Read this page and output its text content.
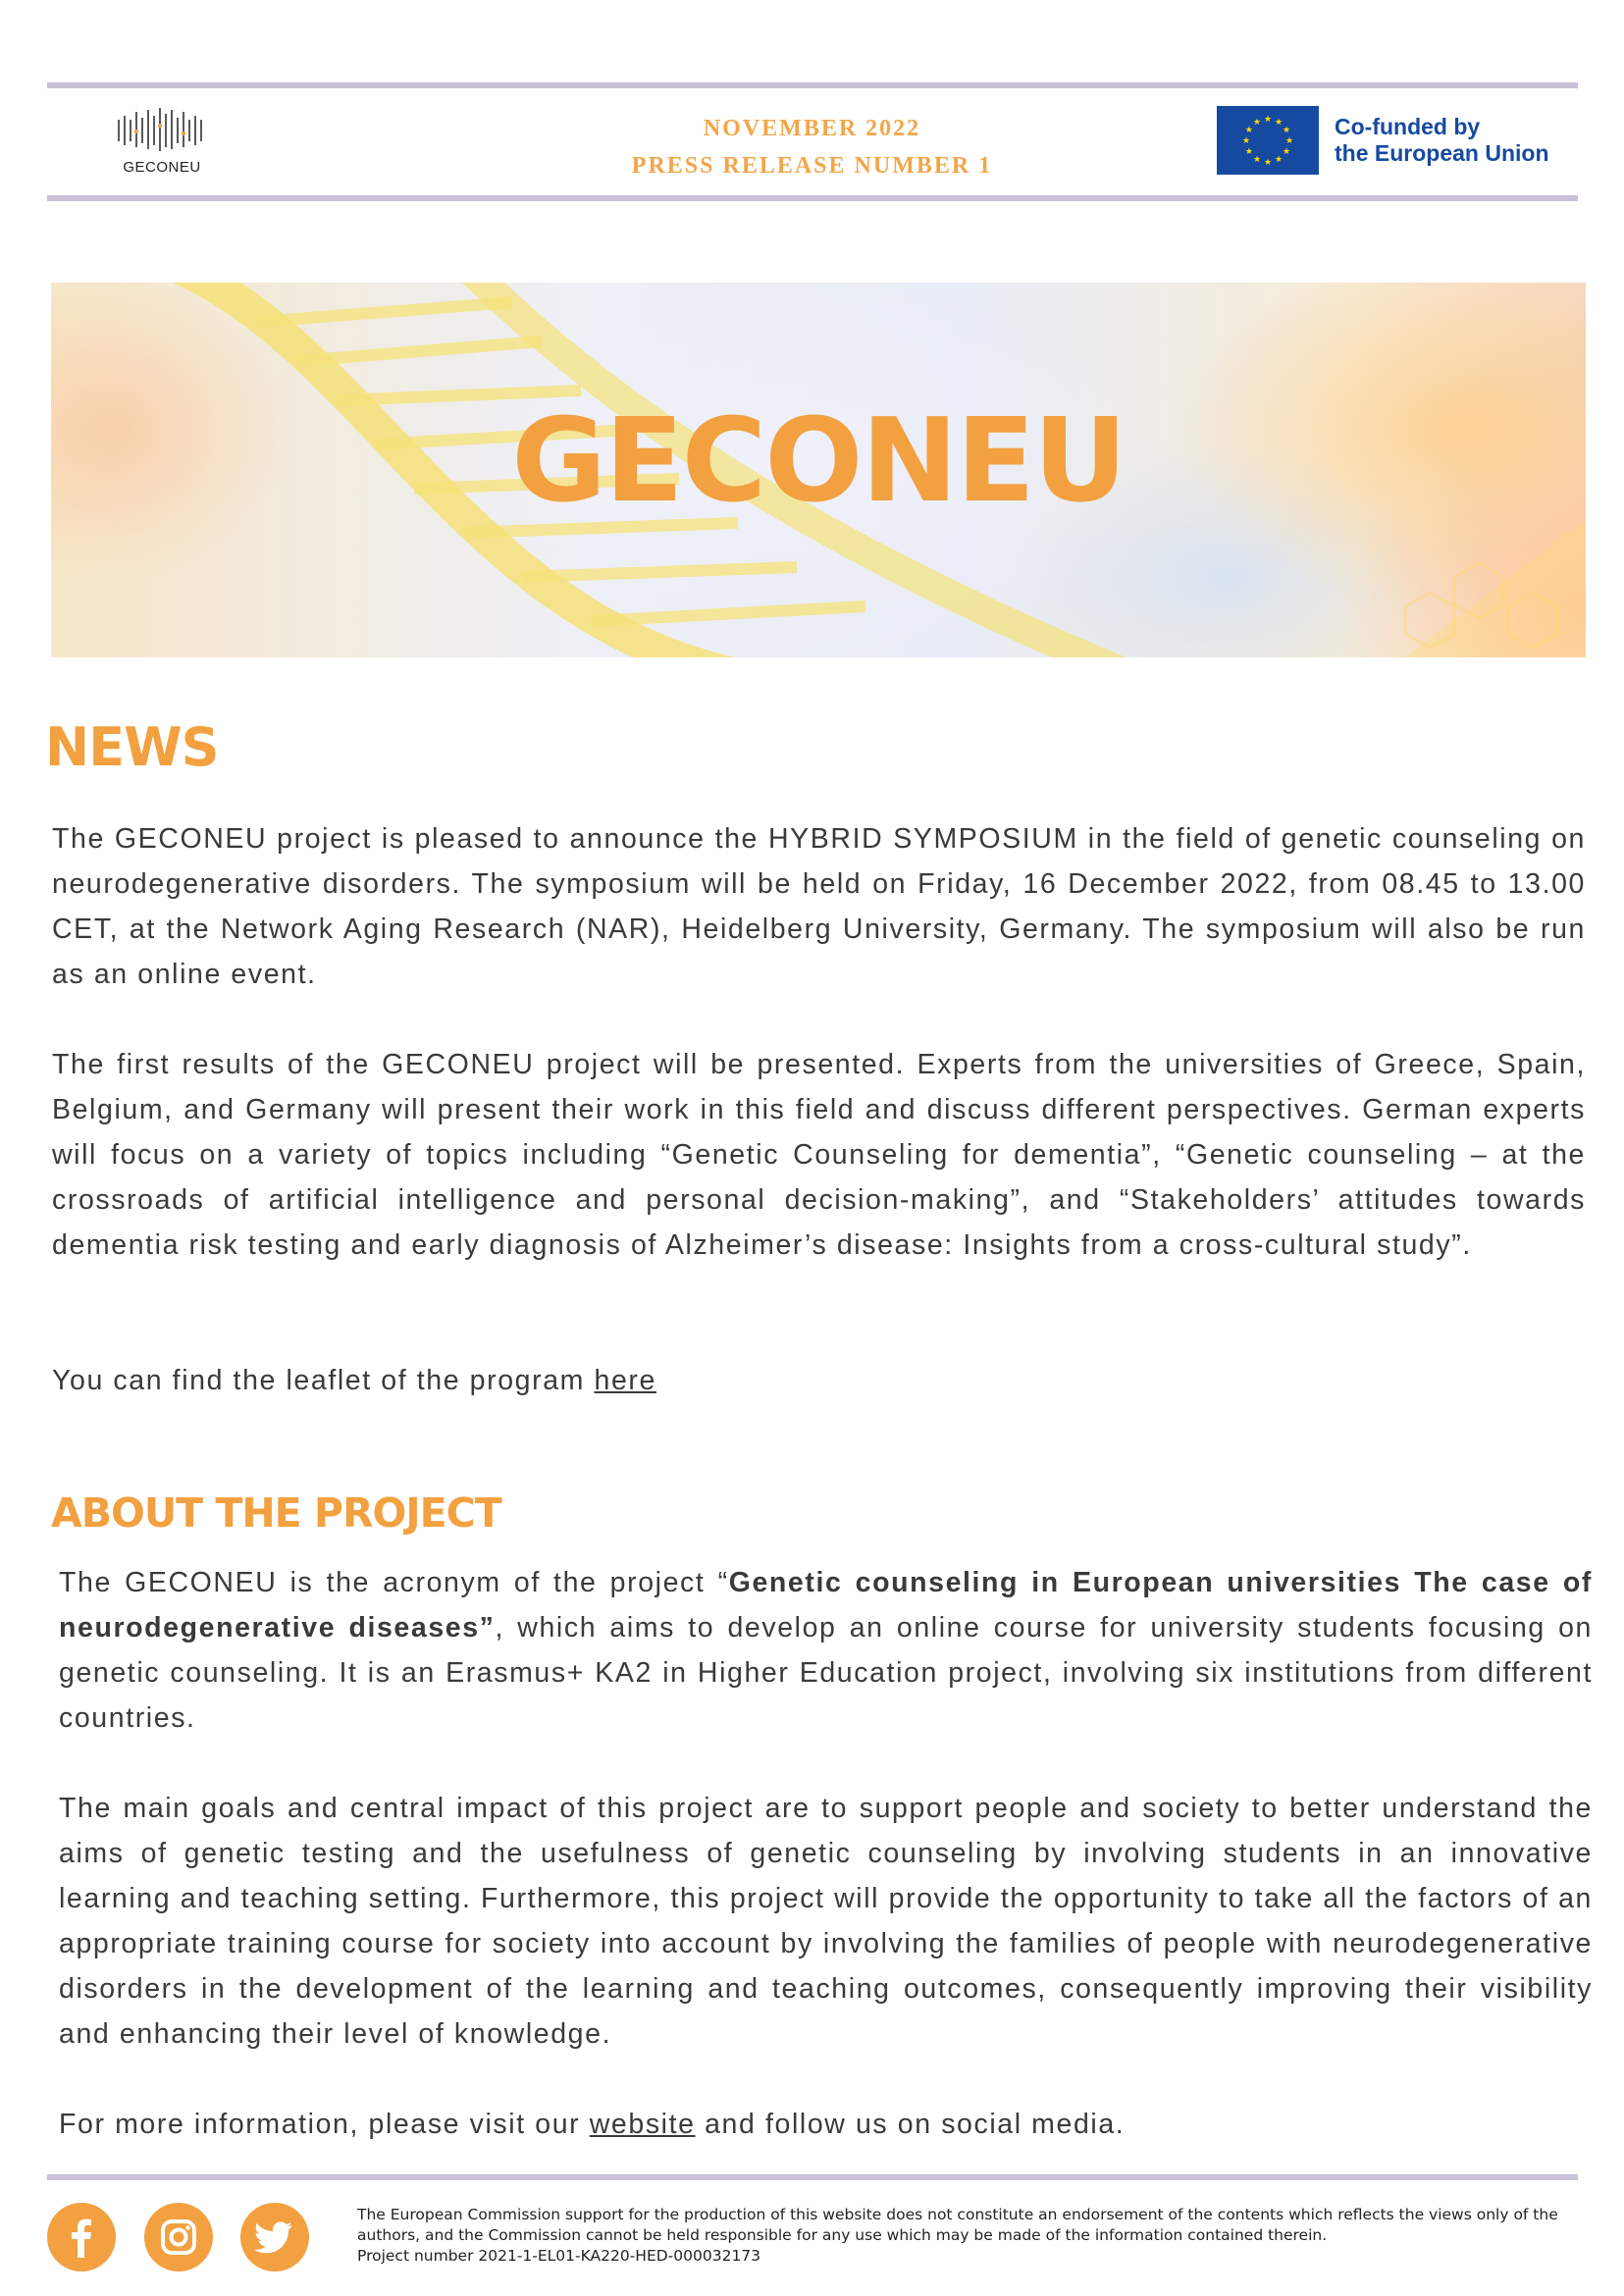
GECONEU
NOVEMBER 2022
PRESS RELEASE NUMBER 1
★ ★
★
★
★
★
★
★
★
★
★
★	Co-funded by
the European Union
GECONEU
NEWS
The GECONEU project is pleased to announce the HYBRID SYMPOSIUM in the field of genetic counseling on neurodegenerative disorders. The symposium will be held on Friday, 16 December 2022, from 08.45 to 13.00 CET, at the Network Aging Research (NAR), Heidelberg University, Germany. The symposium will also be run as an online event.
The first results of the GECONEU project will be presented. Experts from the universities of Greece, Spain, Belgium, and Germany will present their work in this field and discuss different perspectives. German experts will focus on a variety of topics including “Genetic Counseling for dementia”, “Genetic counseling – at the crossroads of artificial intelligence and personal decision-making”, and “Stakeholders’ attitudes towards dementia risk testing and early diagnosis of Alzheimer’s disease: Insights from a cross-cultural study”.
You can find the leaflet of the program here
ABOUT THE PROJECT
The GECONEU is the acronym of the project “Genetic counseling in European universities The case of neurodegenerative diseases”, which aims to develop an online course for university students focusing on genetic counseling. It is an Erasmus+ KA2 in Higher Education project, involving six institutions from different countries.
The main goals and central impact of this project are to support people and society to better understand the aims of genetic testing and the usefulness of genetic counseling by involving students in an innovative learning and teaching setting. Furthermore, this project will provide the opportunity to take all the factors of an appropriate training course for society into account by involving the families of people with neurodegenerative disorders in the development of the learning and teaching outcomes, consequently improving their visibility and enhancing their level of knowledge.
For more information, please visit our website and follow us on social media.
The European Commission support for the production of this website does not constitute an endorsement of the contents which reflects the views only of the authors, and the Commission cannot be held responsible for any use which may be made of the information contained therein.
Project number 2021-1-EL01-KA220-HED-000032173
